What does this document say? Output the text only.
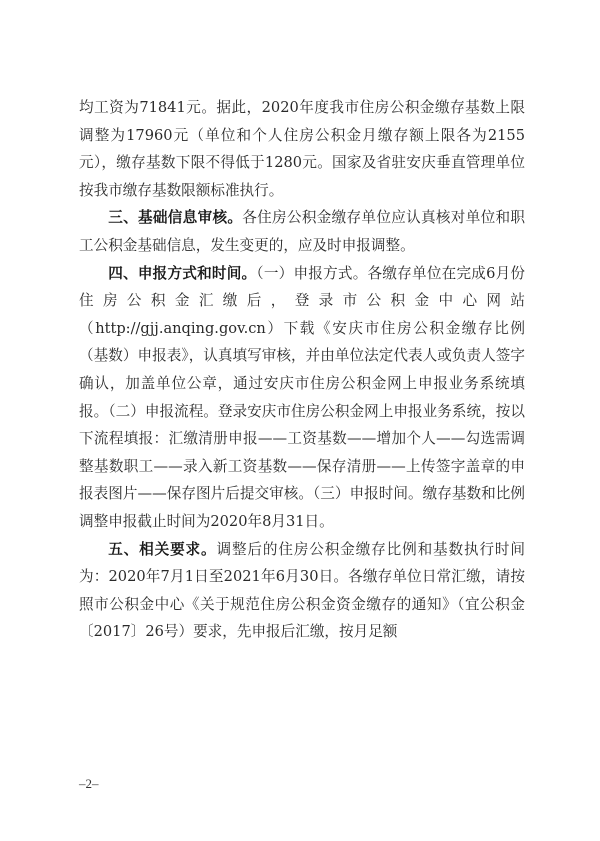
均工资为71841元。据此，2020年度我市住房公积金缴存基数上限调整为17960元（单位和个人住房公积金月缴存额上限各为2155元），缴存基数下限不得低于1280元。国家及省驻安庆垂直管理单位按我市缴存基数限额标准执行。

三、基础信息审核。各住房公积金缴存单位应认真核对单位和职工公积金基础信息，发生变更的，应及时申报调整。

四、申报方式和时间。（一）申报方式。各缴存单位在完成6月份住房公积金汇缴后，登录市公积金中心网站（http://gjj.anqing.gov.cn）下载《安庆市住房公积金缴存比例（基数）申报表》，认真填写审核，并由单位法定代表人或负责人签字确认，加盖单位公章，通过安庆市住房公积金网上申报业务系统填报。（二）申报流程。登录安庆市住房公积金网上申报业务系统，按以下流程填报：汇缴清册申报——工资基数——增加个人——勾选需调整基数职工——录入新工资基数——保存清册——上传签字盖章的申报表图片——保存图片后提交审核。（三）申报时间。缴存基数和比例调整申报截止时间为2020年8月31日。

五、相关要求。调整后的住房公积金缴存比例和基数执行时间为：2020年7月1日至2021年6月30日。各缴存单位日常汇缴，请按照市公积金中心《关于规范住房公积金资金缴存的通知》（宜公积金〔2017〕26号）要求，先申报后汇缴，按月足额

–2–
